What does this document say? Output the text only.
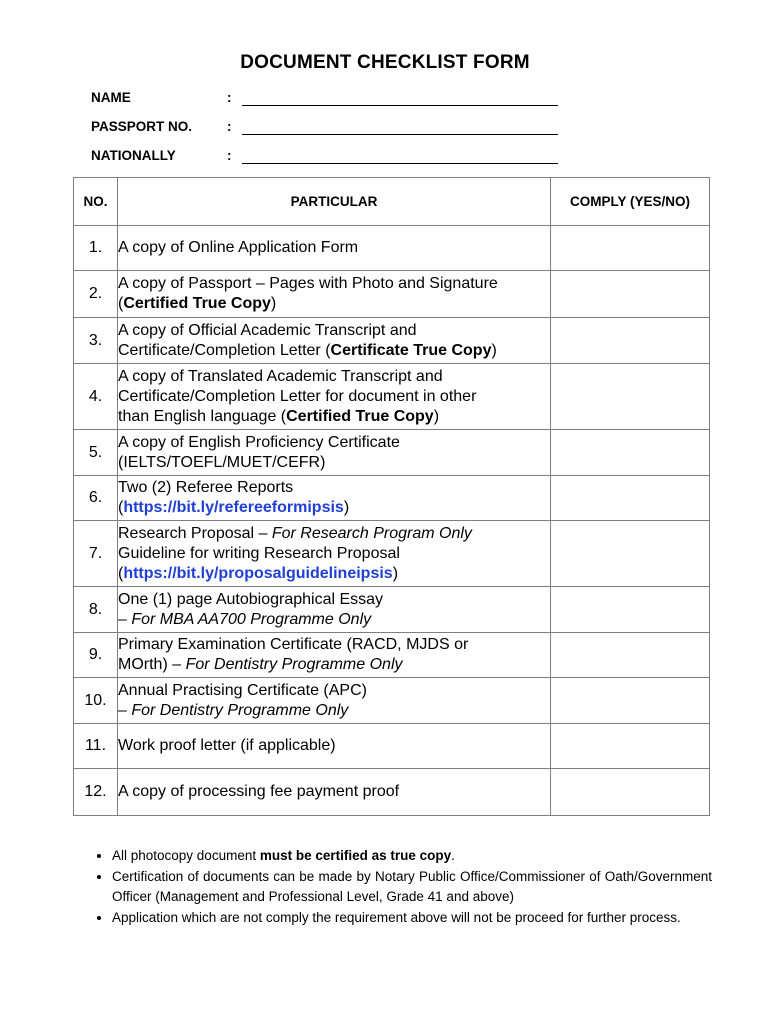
DOCUMENT CHECKLIST FORM
NAME	:
PASSPORT NO.	:
NATIONALLY	:
NO.	PARTICULAR	COMPLY (YES/NO)
1.	A copy of Online Application Form	
2.	A copy of Passport – Pages with Photo and Signature
(Certified True Copy)	
3.	A copy of Official Academic Transcript and
Certificate/Completion Letter (Certificate True Copy)	
4.	A copy of Translated Academic Transcript and
Certificate/Completion Letter for document in other
than English language (Certified True Copy)	
5.	A copy of English Proficiency Certificate
(IELTS/TOEFL/MUET/CEFR)	
6.	Two (2) Referee Reports
(https://bit.ly/refereeformipsis)	
7.	Research Proposal – For Research Program Only
Guideline for writing Research Proposal
(https://bit.ly/proposalguidelineipsis)	
8.	One (1) page Autobiographical Essay
– For MBA AA700 Programme Only	
9.	Primary Examination Certificate (RACD, MJDS or
MOrth) – For Dentistry Programme Only	
10.	Annual Practising Certificate (APC)
– For Dentistry Programme Only	
11.	Work proof letter (if applicable)	
12.	A copy of processing fee payment proof	
• All photocopy document must be certified as true copy.
• Certification of documents can be made by Notary Public Office/Commissioner of Oath/Government Officer (Management and Professional Level, Grade 41 and above)
• Application which are not comply the requirement above will not be proceed for further process.
